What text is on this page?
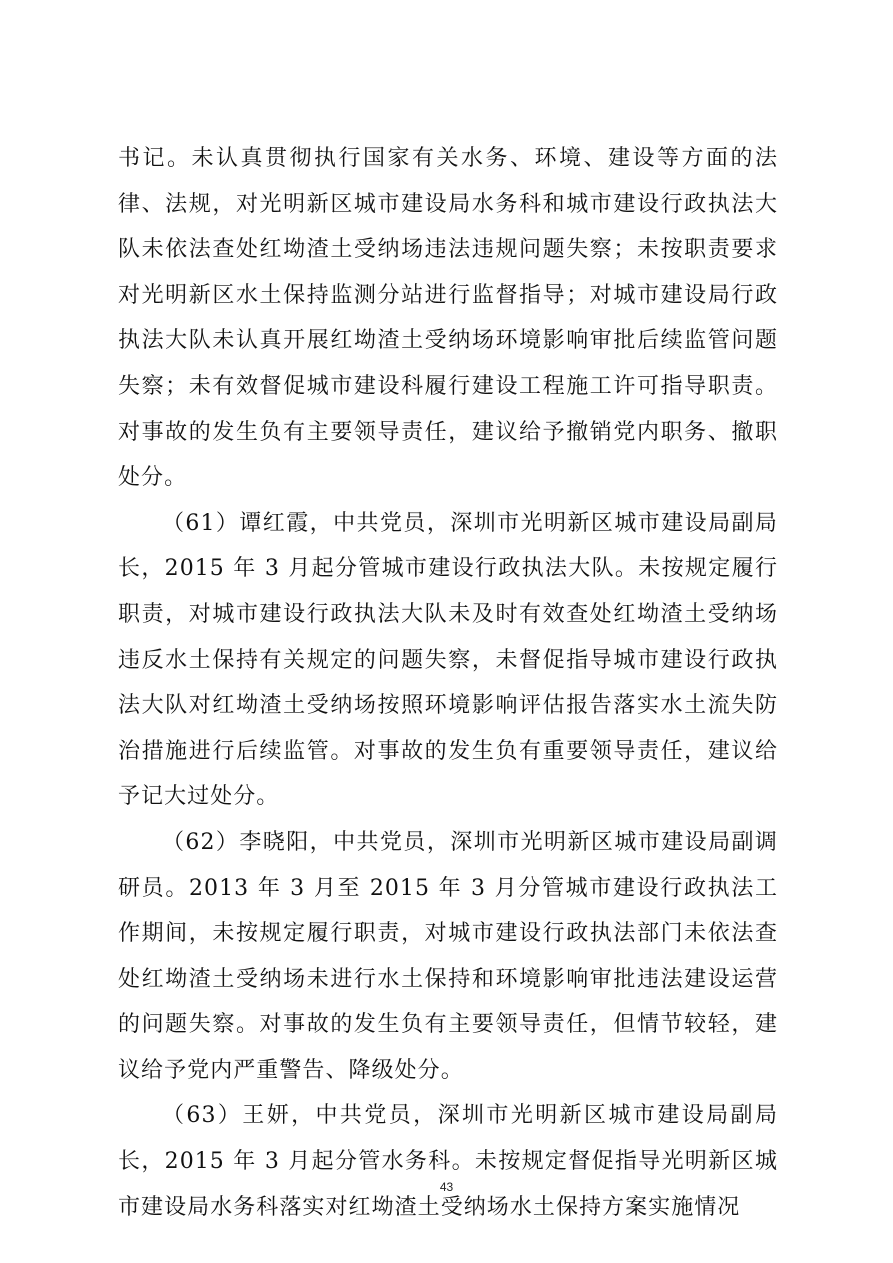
书记。未认真贯彻执行国家有关水务、环境、建设等方面的法律、法规，对光明新区城市建设局水务科和城市建设行政执法大队未依法查处红坳渣土受纳场违法违规问题失察；未按职责要求对光明新区水土保持监测分站进行监督指导；对城市建设局行政执法大队未认真开展红坳渣土受纳场环境影响审批后续监管问题失察；未有效督促城市建设科履行建设工程施工许可指导职责。对事故的发生负有主要领导责任，建议给予撤销党内职务、撤职处分。

（61）谭红霞，中共党员，深圳市光明新区城市建设局副局长，2015 年 3 月起分管城市建设行政执法大队。未按规定履行职责，对城市建设行政执法大队未及时有效查处红坳渣土受纳场违反水土保持有关规定的问题失察，未督促指导城市建设行政执法大队对红坳渣土受纳场按照环境影响评估报告落实水土流失防治措施进行后续监管。对事故的发生负有重要领导责任，建议给予记大过处分。

（62）李晓阳，中共党员，深圳市光明新区城市建设局副调研员。2013 年 3 月至 2015 年 3 月分管城市建设行政执法工作期间，未按规定履行职责，对城市建设行政执法部门未依法查处红坳渣土受纳场未进行水土保持和环境影响审批违法建设运营的问题失察。对事故的发生负有主要领导责任，但情节较轻，建议给予党内严重警告、降级处分。

（63）王妍，中共党员，深圳市光明新区城市建设局副局长，2015 年 3 月起分管水务科。未按规定督促指导光明新区城市建设局水务科落实对红坳渣土受纳场水土保持方案实施情况

43
